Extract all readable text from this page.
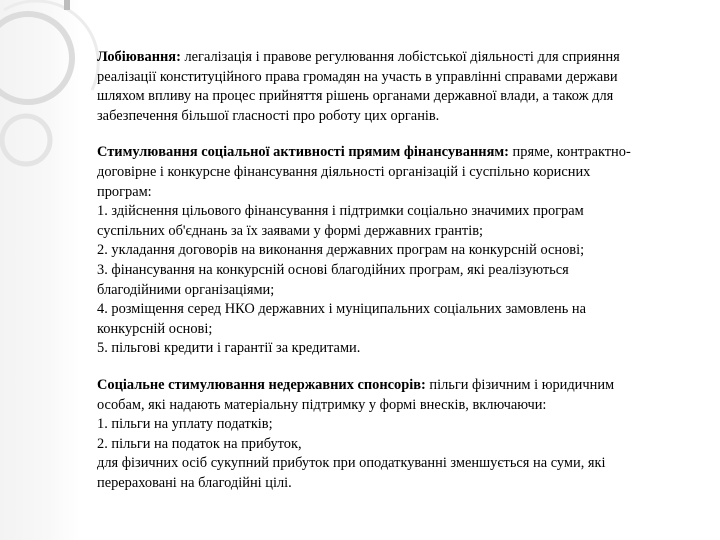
Лобіювання: легалізація і правове регулювання лобістської діяльності для сприяння
реалізації конституційного права громадян на участь в управлінні справами держави
шляхом впливу на процес прийняття рішень органами державної влади, а також для
забезпечення більшої гласності про роботу цих органів.

Стимулювання соціальної активності прямим фінансуванням: пряме, контрактно-
договірне і конкурсне фінансування діяльності організацій і суспільно корисних
програм:
1. здійснення цільового фінансування і підтримки соціально значимих програм
суспільних об'єднань за їх заявами у формі державних грантів;
2. укладання договорів на виконання державних програм на конкурсній основі;
3. фінансування на конкурсній основі благодійних програм, які реалізуються
благодійними організаціями;
4. розміщення серед НКО державних і муніципальних соціальних замовлень на
конкурсній основі;
5. пільгові кредити і гарантії за кредитами.

Соціальне стимулювання недержавних спонсорів: пільги фізичним і юридичним
особам, які надають матеріальну підтримку у формі внесків, включаючи:
1. пільги на уплату податків;
2. пільги на податок на прибуток,
для фізичних осіб сукупний прибуток при оподаткуванні зменшується на суми, які
перераховані на благодійні цілі.
